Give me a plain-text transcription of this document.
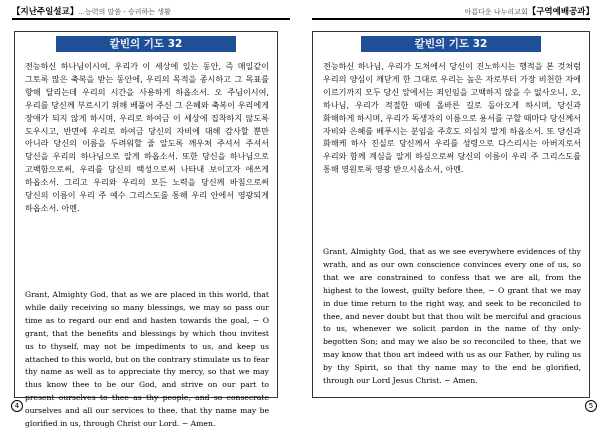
【지난주일설교】...능력의 말씀 - 승리하는 생활
칼빈의 기도 32
전능하신 하나님이시여, 우리가 이 세상에 있는 동안, 즉 매일같이 그토록 많은 축복을 받는 동안에, 우리의 목적을 종시하고 그 목표를 향해 달리는데 우리의 시간을 사용하게 하옵소서. 오 주님이시여, 우리를 당신께 부르시기 위해 베풀어 주신 그 은혜와 축복이 우리에게 장애가 되지 않게 하시며, 우리로 하여금 이 세상에 집착하지 않도록 도우시고, 반면에 우리로 하여금 당신의 자비에 대해 감사할 뿐만 아니라 당신의 이름을 두려워할 줄 알도록 깨우쳐 주셔서 주셔서 당신을 우리의 하나님으로 알게 하옵소서. 또한 당신을 하나님으로 고백함으로써, 우리를 당신의 백성으로써 나타내 보이고자 애쓰게 하옵소서. 그리고 우리와 우리의 모든 노력을 당신께 바침으로써 당신의 이름이 우리 주 예수 그리스도를 통해 우리 안에서 영광되게 하옵소서. 아멘.
Grant, Almighty God, that as we are placed in this world, that while daily receiving so many blessings, we may so pass our time as to regard our end and hasten towards the goal, − O grant, that the benefits and blessings by which thou invitest us to thyself, may not be impediments to us, and keep us attached to this world, but on the contrary stimulate us to fear thy name as well as to appreciate thy mercy, so that we may thus know thee to be our God, and strive on our part to present ourselves to thee as thy people, and so consecrate ourselves and all our services to thee, that thy name may be glorified in us, through Christ our Lord. − Amen.
4
아름다운 나누리교회【구역예배공과】
칼빈의 기도 32
전능하신 하나님, 우리가 도처에서 당신이 진노하시는 행적을 본 것처럼 우리의 양심이 깨닫게 한 그대로 우리는 높은 자로부터 가장 비천한 자에 이르기까지 모두 당신 앞에서는 죄인임을 고백하지 않을 수 없사오니, 오, 하나님, 우리가 적절한 때에 올바른 길로 돌아오게 하시며, 당신과 화해하게 하시며, 우리가 독생자의 이름으로 용서를 구할 때마다 당신께서 자비와 은혜를 베푸시는 분임을 주호도 의심치 말게 하옵소서. 또 당신과 화해케 하사 진실로 당신께서 우리를 성령으로 다스리시는 아버지로서 우리와 함께 계심을 알게 하심으로써 당신의 이름이 우리 주 그리스도를 통해 영원토록 영광 받으시옵소서, 아멘.
Grant, Almighty God, that as we see everywhere evidences of thy wrath, and as our own conscience convinces every one of us, so that we are constrained to confess that we are all, from the highest to the lowest, guilty before thee, − O grant that we may in due time return to the right way, and seek to be reconciled to thee, and never doubt but that thou wilt be merciful and gracious to us, whenever we solicit pardon in the name of thy only-begotten Son; and may we also be so reconciled to thee, that we may know that thou art indeed with us as our Father, by ruling us by thy Spirit, so that thy name may to the end be glorified, through our Lord Jesus Christ. − Amen.
5
